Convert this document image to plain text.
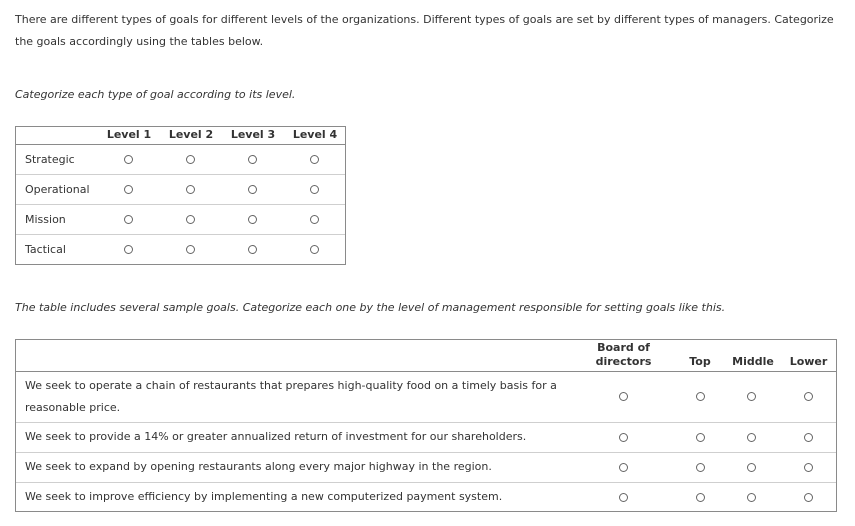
There are different types of goals for different levels of the organizations. Different types of goals are set by different types of managers. Categorize
the goals accordingly using the tables below.
Categorize each type of goal according to its level.
Level 1	Level 2	Level 3	Level 4
Strategic
Operational
Mission
Tactical
The table includes several sample goals. Categorize each one by the level of management responsible for setting goals like this.
Board of
directors	Top	Middle	Lower
We seek to operate a chain of restaurants that prepares high-quality food on a timely basis for a
reasonable price.
We seek to provide a 14% or greater annualized return of investment for our shareholders.
We seek to expand by opening restaurants along every major highway in the region.
We seek to improve efficiency by implementing a new computerized payment system.
